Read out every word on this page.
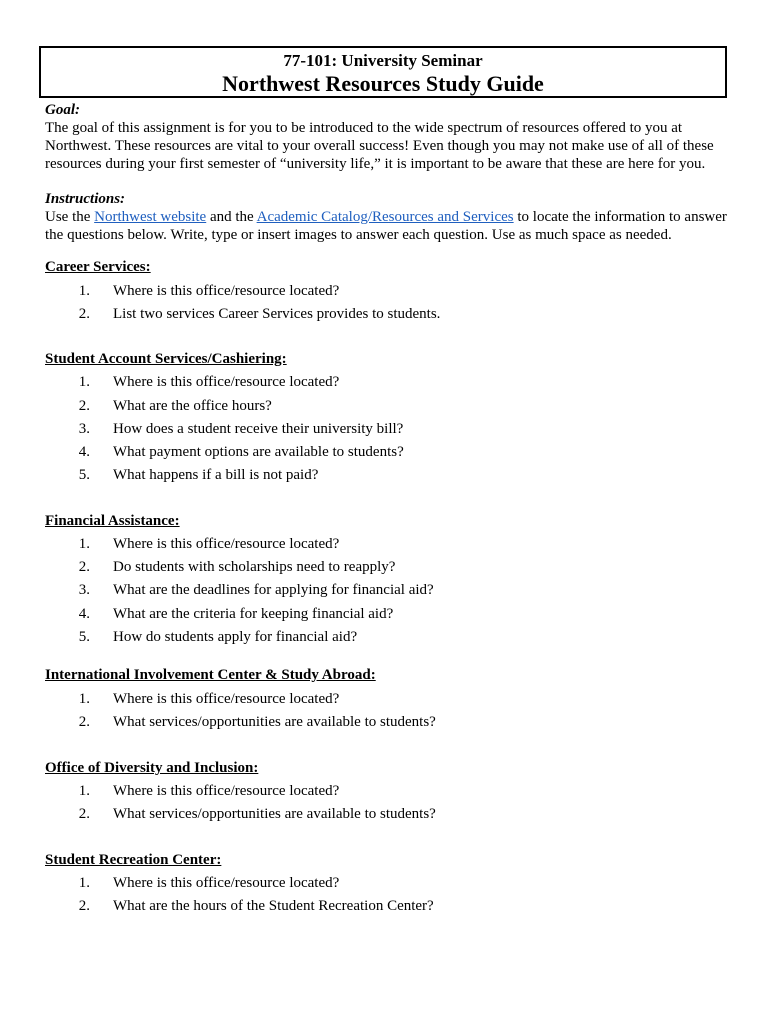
77-101: University Seminar
Northwest Resources Study Guide
Goal:
The goal of this assignment is for you to be introduced to the wide spectrum of resources offered to you at Northwest. These resources are vital to your overall success! Even though you may not make use of all of these resources during your first semester of “university life,” it is important to be aware that these are here for you.
Instructions:
Use the Northwest website and the Academic Catalog/Resources and Services to locate the information to answer the questions below. Write, type or insert images to answer each question. Use as much space as needed.
Career Services:
1. Where is this office/resource located?
2. List two services Career Services provides to students.
Student Account Services/Cashiering:
1. Where is this office/resource located?
2. What are the office hours?
3. How does a student receive their university bill?
4. What payment options are available to students?
5. What happens if a bill is not paid?
Financial Assistance:
1. Where is this office/resource located?
2. Do students with scholarships need to reapply?
3. What are the deadlines for applying for financial aid?
4. What are the criteria for keeping financial aid?
5. How do students apply for financial aid?
International Involvement Center & Study Abroad:
1. Where is this office/resource located?
2. What services/opportunities are available to students?
Office of Diversity and Inclusion:
1. Where is this office/resource located?
2. What services/opportunities are available to students?
Student Recreation Center:
1. Where is this office/resource located?
2. What are the hours of the Student Recreation Center?
